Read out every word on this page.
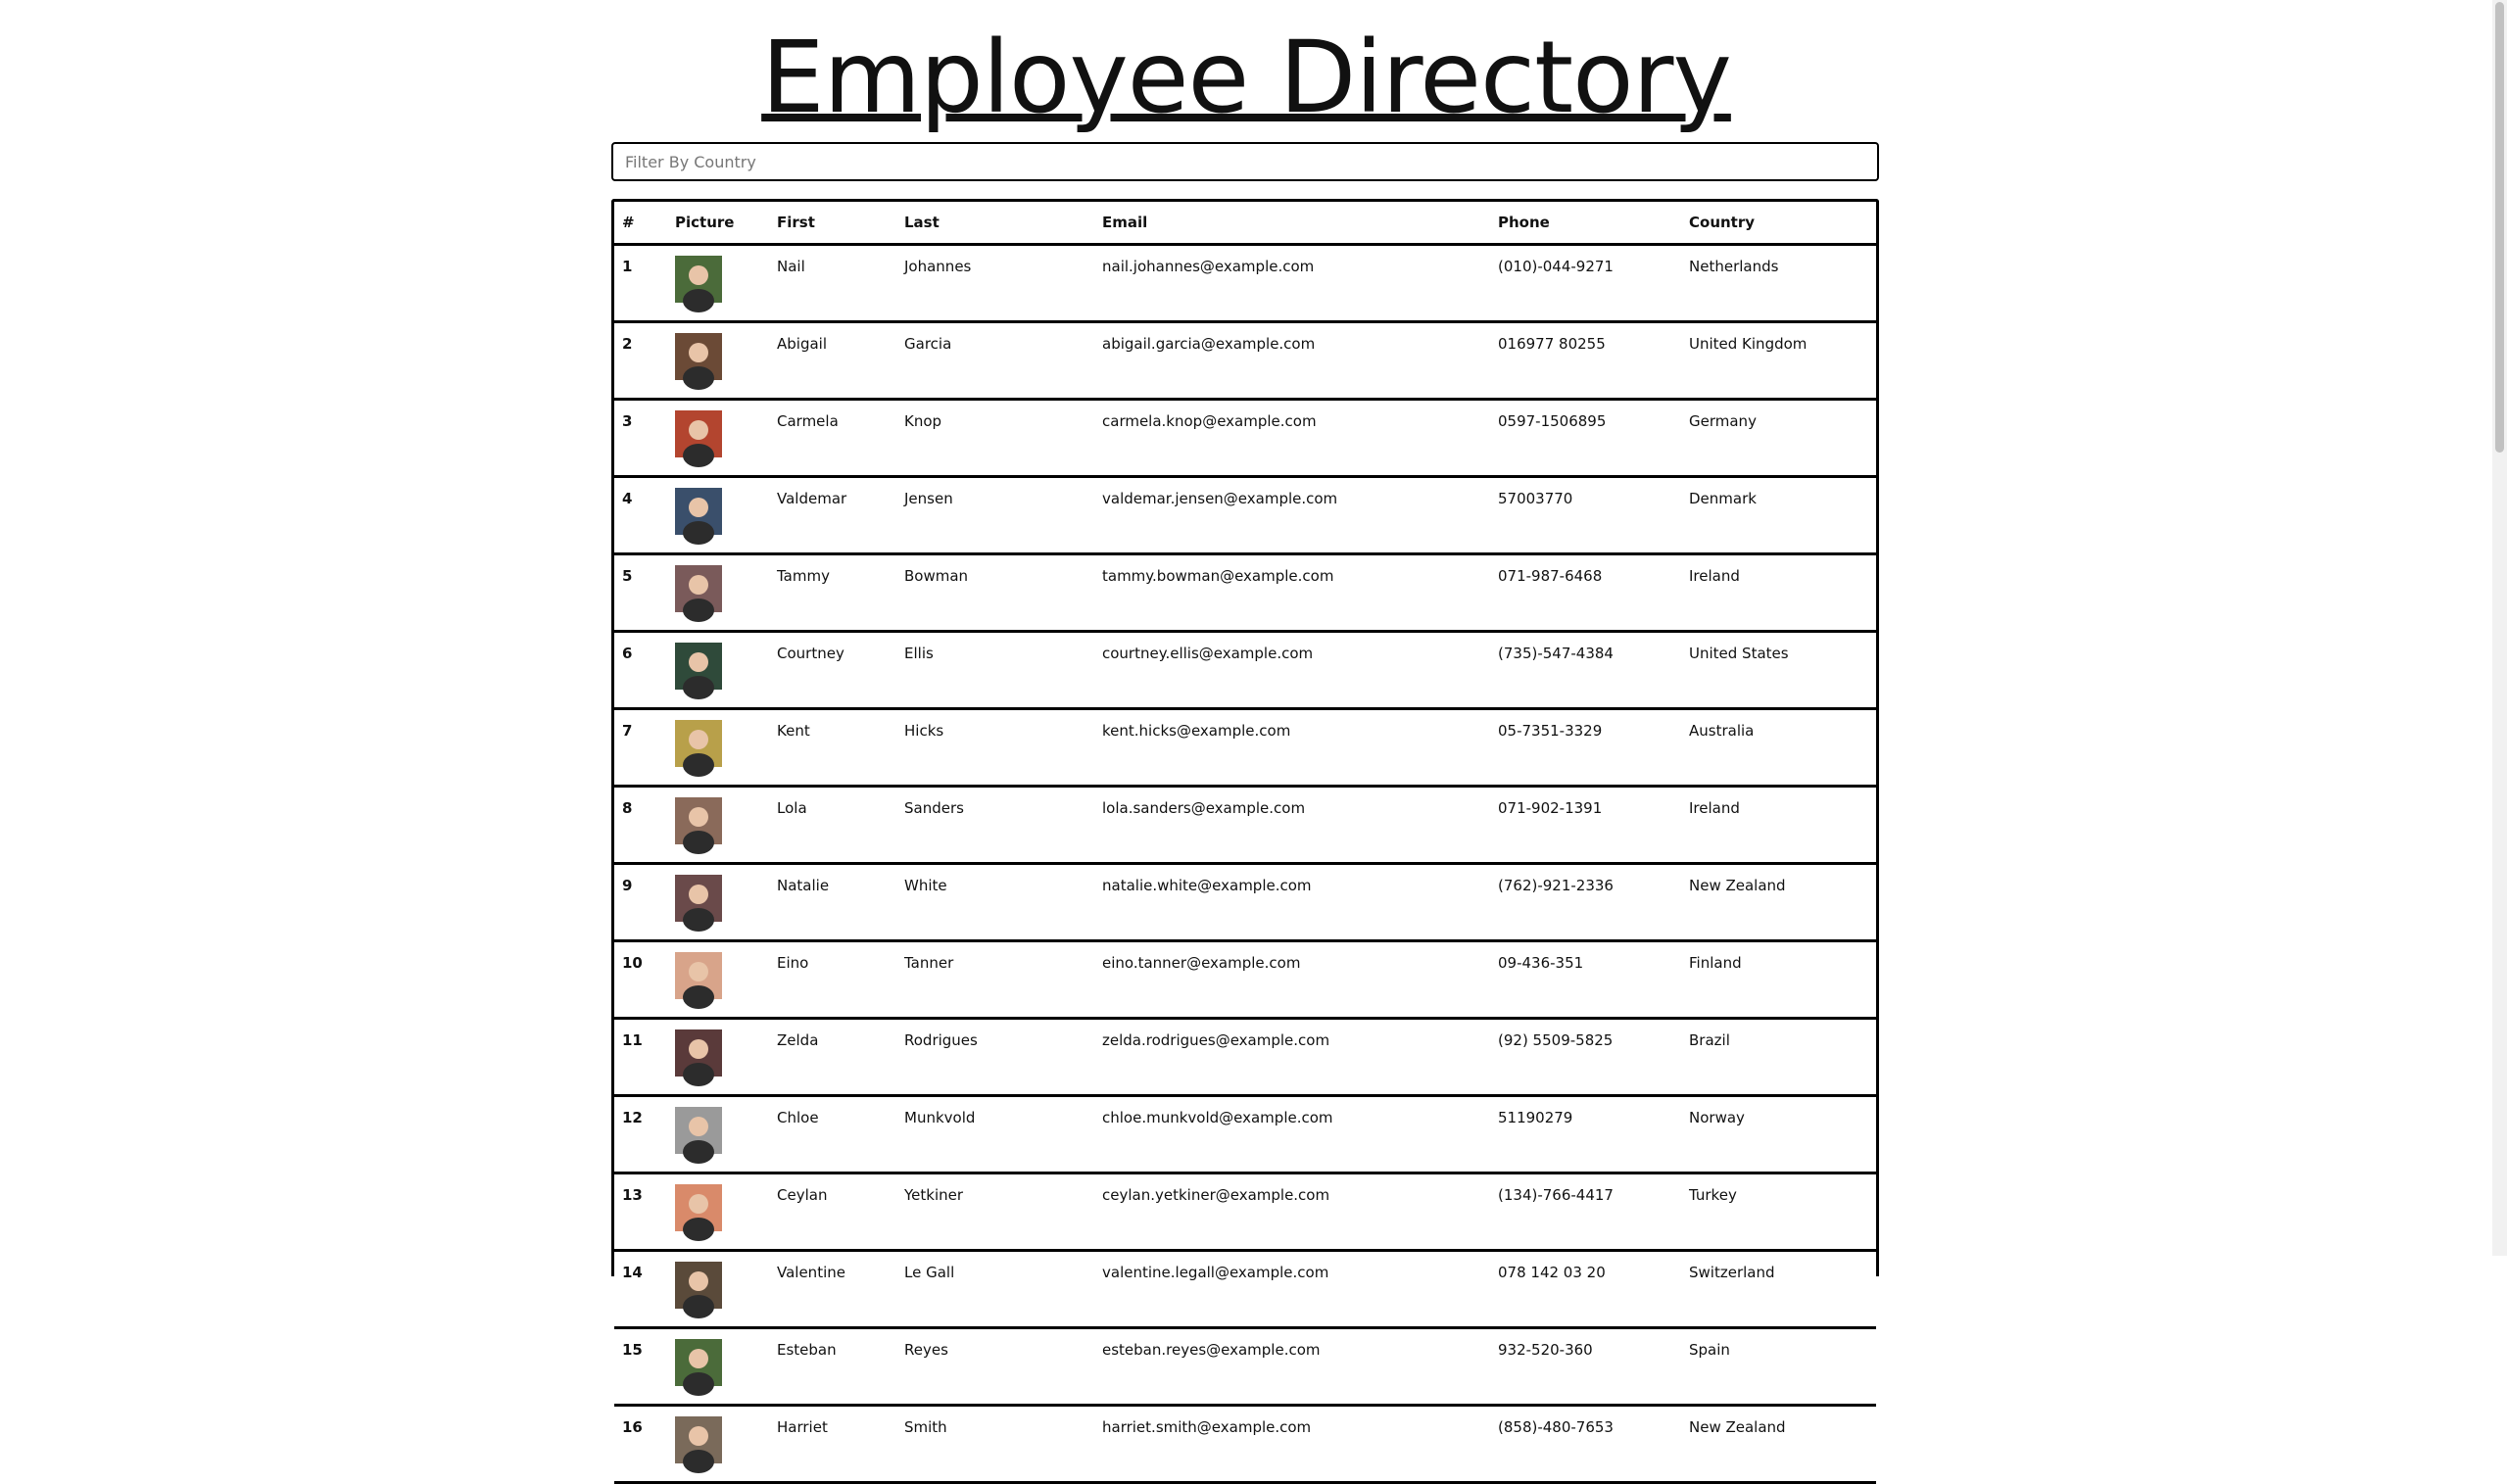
Employee Directory
Filter By Country
#	Picture	First	Last	Email	Phone	Country
1		Nail	Johannes	nail.johannes@example.com	(010)-044-9271	Netherlands
2		Abigail	Garcia	abigail.garcia@example.com	016977 80255	United Kingdom
3		Carmela	Knop	carmela.knop@example.com	0597-1506895	Germany
4		Valdemar	Jensen	valdemar.jensen@example.com	57003770	Denmark
5		Tammy	Bowman	tammy.bowman@example.com	071-987-6468	Ireland
6		Courtney	Ellis	courtney.ellis@example.com	(735)-547-4384	United States
7		Kent	Hicks	kent.hicks@example.com	05-7351-3329	Australia
8		Lola	Sanders	lola.sanders@example.com	071-902-1391	Ireland
9		Natalie	White	natalie.white@example.com	(762)-921-2336	New Zealand
10		Eino	Tanner	eino.tanner@example.com	09-436-351	Finland
11		Zelda	Rodrigues	zelda.rodrigues@example.com	(92) 5509-5825	Brazil
12		Chloe	Munkvold	chloe.munkvold@example.com	51190279	Norway
13		Ceylan	Yetkiner	ceylan.yetkiner@example.com	(134)-766-4417	Turkey
14		Valentine	Le Gall	valentine.legall@example.com	078 142 03 20	Switzerland
15		Esteban	Reyes	esteban.reyes@example.com	932-520-360	Spain
16		Harriet	Smith	harriet.smith@example.com	(858)-480-7653	New Zealand
